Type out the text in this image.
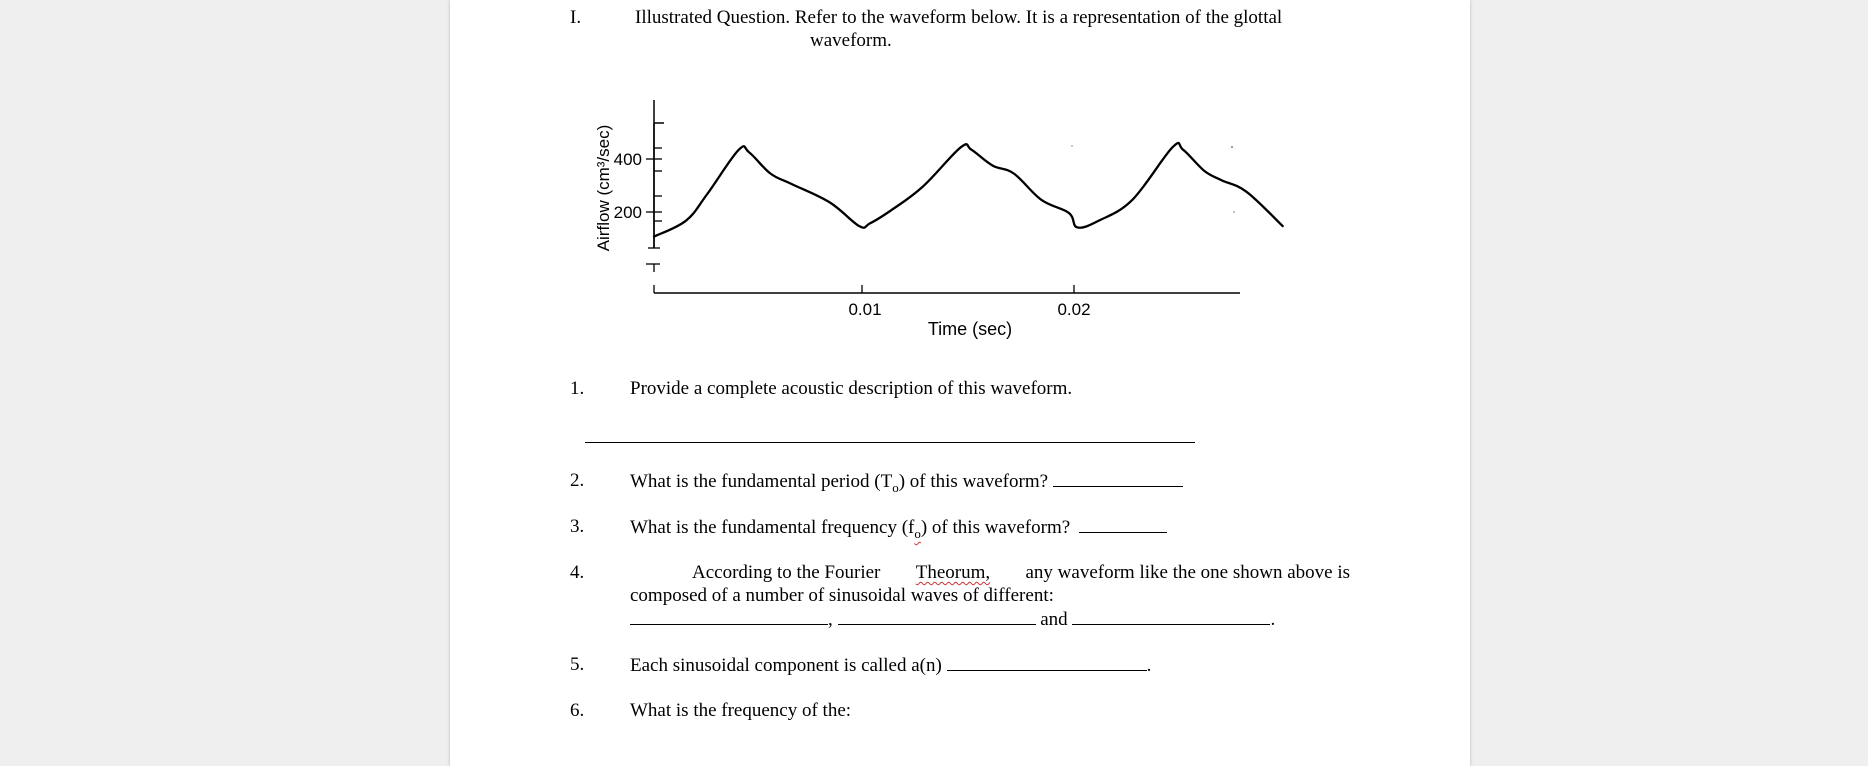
I.	Illustrated Question. Refer to the waveform below. It is a representation of the glottal
waveform.
400
200
Airflow (cm³/sec)
0.01	0.02
Time (sec)
1. Provide a complete acoustic description of this waveform.
2. What is the fundamental period $(T_o)$ of this waveform?
3. What is the fundamental frequency $(f_o)$ of this waveform?
4.	According to the Fourier Theorum, any waveform like the one shown above is
composed of a number of sinusoidal waves of different:
,	and	.
5. Each sinusoidal component is called a(n)	.
6. What is the frequency of the:
